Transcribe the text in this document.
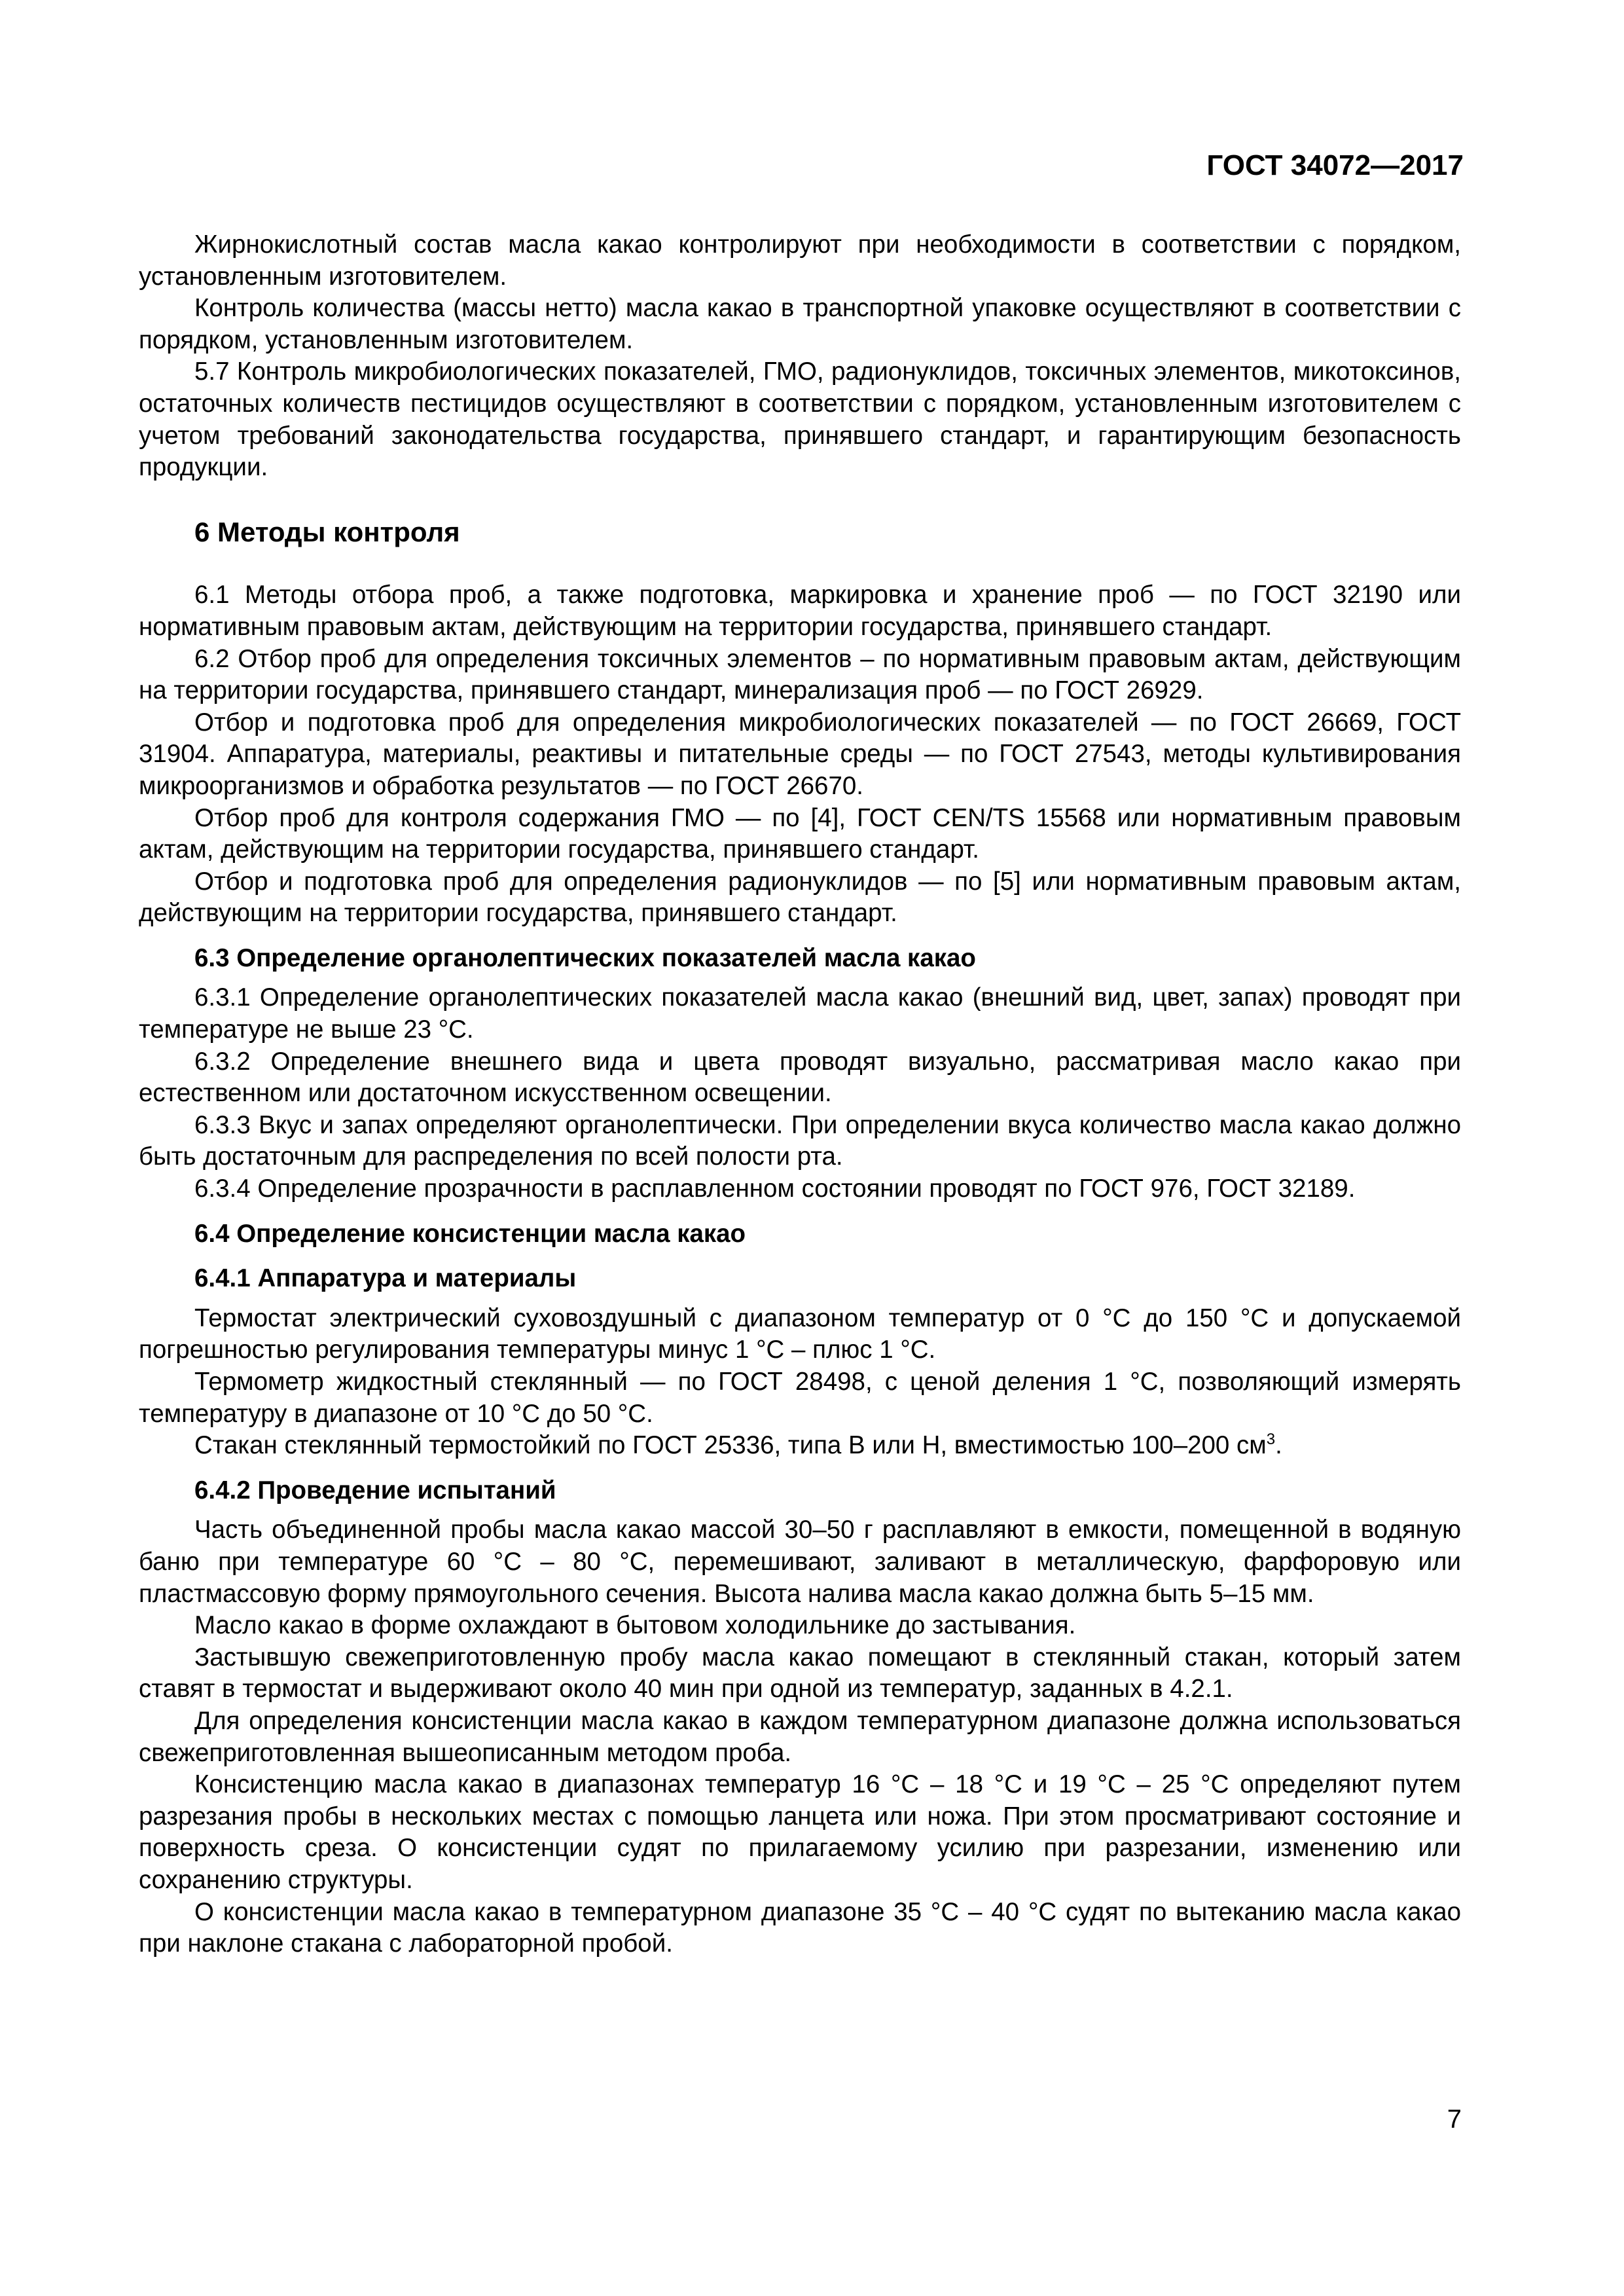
ГОСТ 34072—2017

Жирнокислотный состав масла какао контролируют при необходимости в соответствии с порядком, установленным изготовителем.

Контроль количества (массы нетто) масла какао в транспортной упаковке осуществляют в соответствии с порядком, установленным изготовителем.

5.7 Контроль микробиологических показателей, ГМО, радионуклидов, токсичных элементов, микотоксинов, остаточных количеств пестицидов осуществляют в соответствии с порядком, установленным изготовителем с учетом требований законодательства государства, принявшего стандарт, и гарантирующим безопасность продукции.

6 Методы контроля

6.1 Методы отбора проб, а также подготовка, маркировка и хранение проб — по ГОСТ 32190 или нормативным правовым актам, действующим на территории государства, принявшего стандарт.

6.2 Отбор проб для определения токсичных элементов – по нормативным правовым актам, действующим на территории государства, принявшего стандарт, минерализация проб — по ГОСТ 26929.

Отбор и подготовка проб для определения микробиологических показателей — по ГОСТ 26669, ГОСТ 31904. Аппаратура, материалы, реактивы и питательные среды — по ГОСТ 27543, методы культивирования микроорганизмов и обработка результатов — по ГОСТ 26670.

Отбор проб для контроля содержания ГМО — по [4], ГОСТ CEN/TS 15568 или нормативным правовым актам, действующим на территории государства, принявшего стандарт.

Отбор и подготовка проб для определения радионуклидов — по [5] или нормативным правовым актам, действующим на территории государства, принявшего стандарт.

6.3 Определение органолептических показателей масла какао

6.3.1 Определение органолептических показателей масла какао (внешний вид, цвет, запах) проводят при температуре не выше 23 °С.

6.3.2 Определение внешнего вида и цвета проводят визуально, рассматривая масло какао при естественном или достаточном искусственном освещении.

6.3.3 Вкус и запах определяют органолептически. При определении вкуса количество масла какао должно быть достаточным для распределения по всей полости рта.

6.3.4 Определение прозрачности в расплавленном состоянии проводят по ГОСТ 976, ГОСТ 32189.

6.4 Определение консистенции масла какао
6.4.1 Аппаратура и материалы

Термостат электрический суховоздушный с диапазоном температур от 0 °С до 150 °С и допускаемой погрешностью регулирования температуры минус 1 °С – плюс 1 °С.

Термометр жидкостный стеклянный — по ГОСТ 28498, с ценой деления 1 °С, позволяющий измерять температуру в диапазоне от 10 °С до 50 °С.

Стакан стеклянный термостойкий по ГОСТ 25336, типа В или Н, вместимостью 100–200 $см^3$.

6.4.2 Проведение испытаний

Часть объединенной пробы масла какао массой 30–50 г расплавляют в емкости, помещенной в водяную баню при температуре 60 °С – 80 °С, перемешивают, заливают в металлическую, фарфоровую или пластмассовую форму прямоугольного сечения. Высота налива масла какао должна быть 5–15 мм.

Масло какао в форме охлаждают в бытовом холодильнике до застывания.

Застывшую свежеприготовленную пробу масла какао помещают в стеклянный стакан, который затем ставят в термостат и выдерживают около 40 мин при одной из температур, заданных в 4.2.1.

Для определения консистенции масла какао в каждом температурном диапазоне должна использоваться свежеприготовленная вышеописанным методом проба.

Консистенцию масла какао в диапазонах температур 16 °С – 18 °С и 19 °С – 25 °С определяют путем разрезания пробы в нескольких местах с помощью ланцета или ножа. При этом просматривают состояние и поверхность среза. О консистенции судят по прилагаемому усилию при разрезании, изменению или сохранению структуры.

О консистенции масла какао в температурном диапазоне 35 °С – 40 °С судят по вытеканию масла какао при наклоне стакана с лабораторной пробой.

7
